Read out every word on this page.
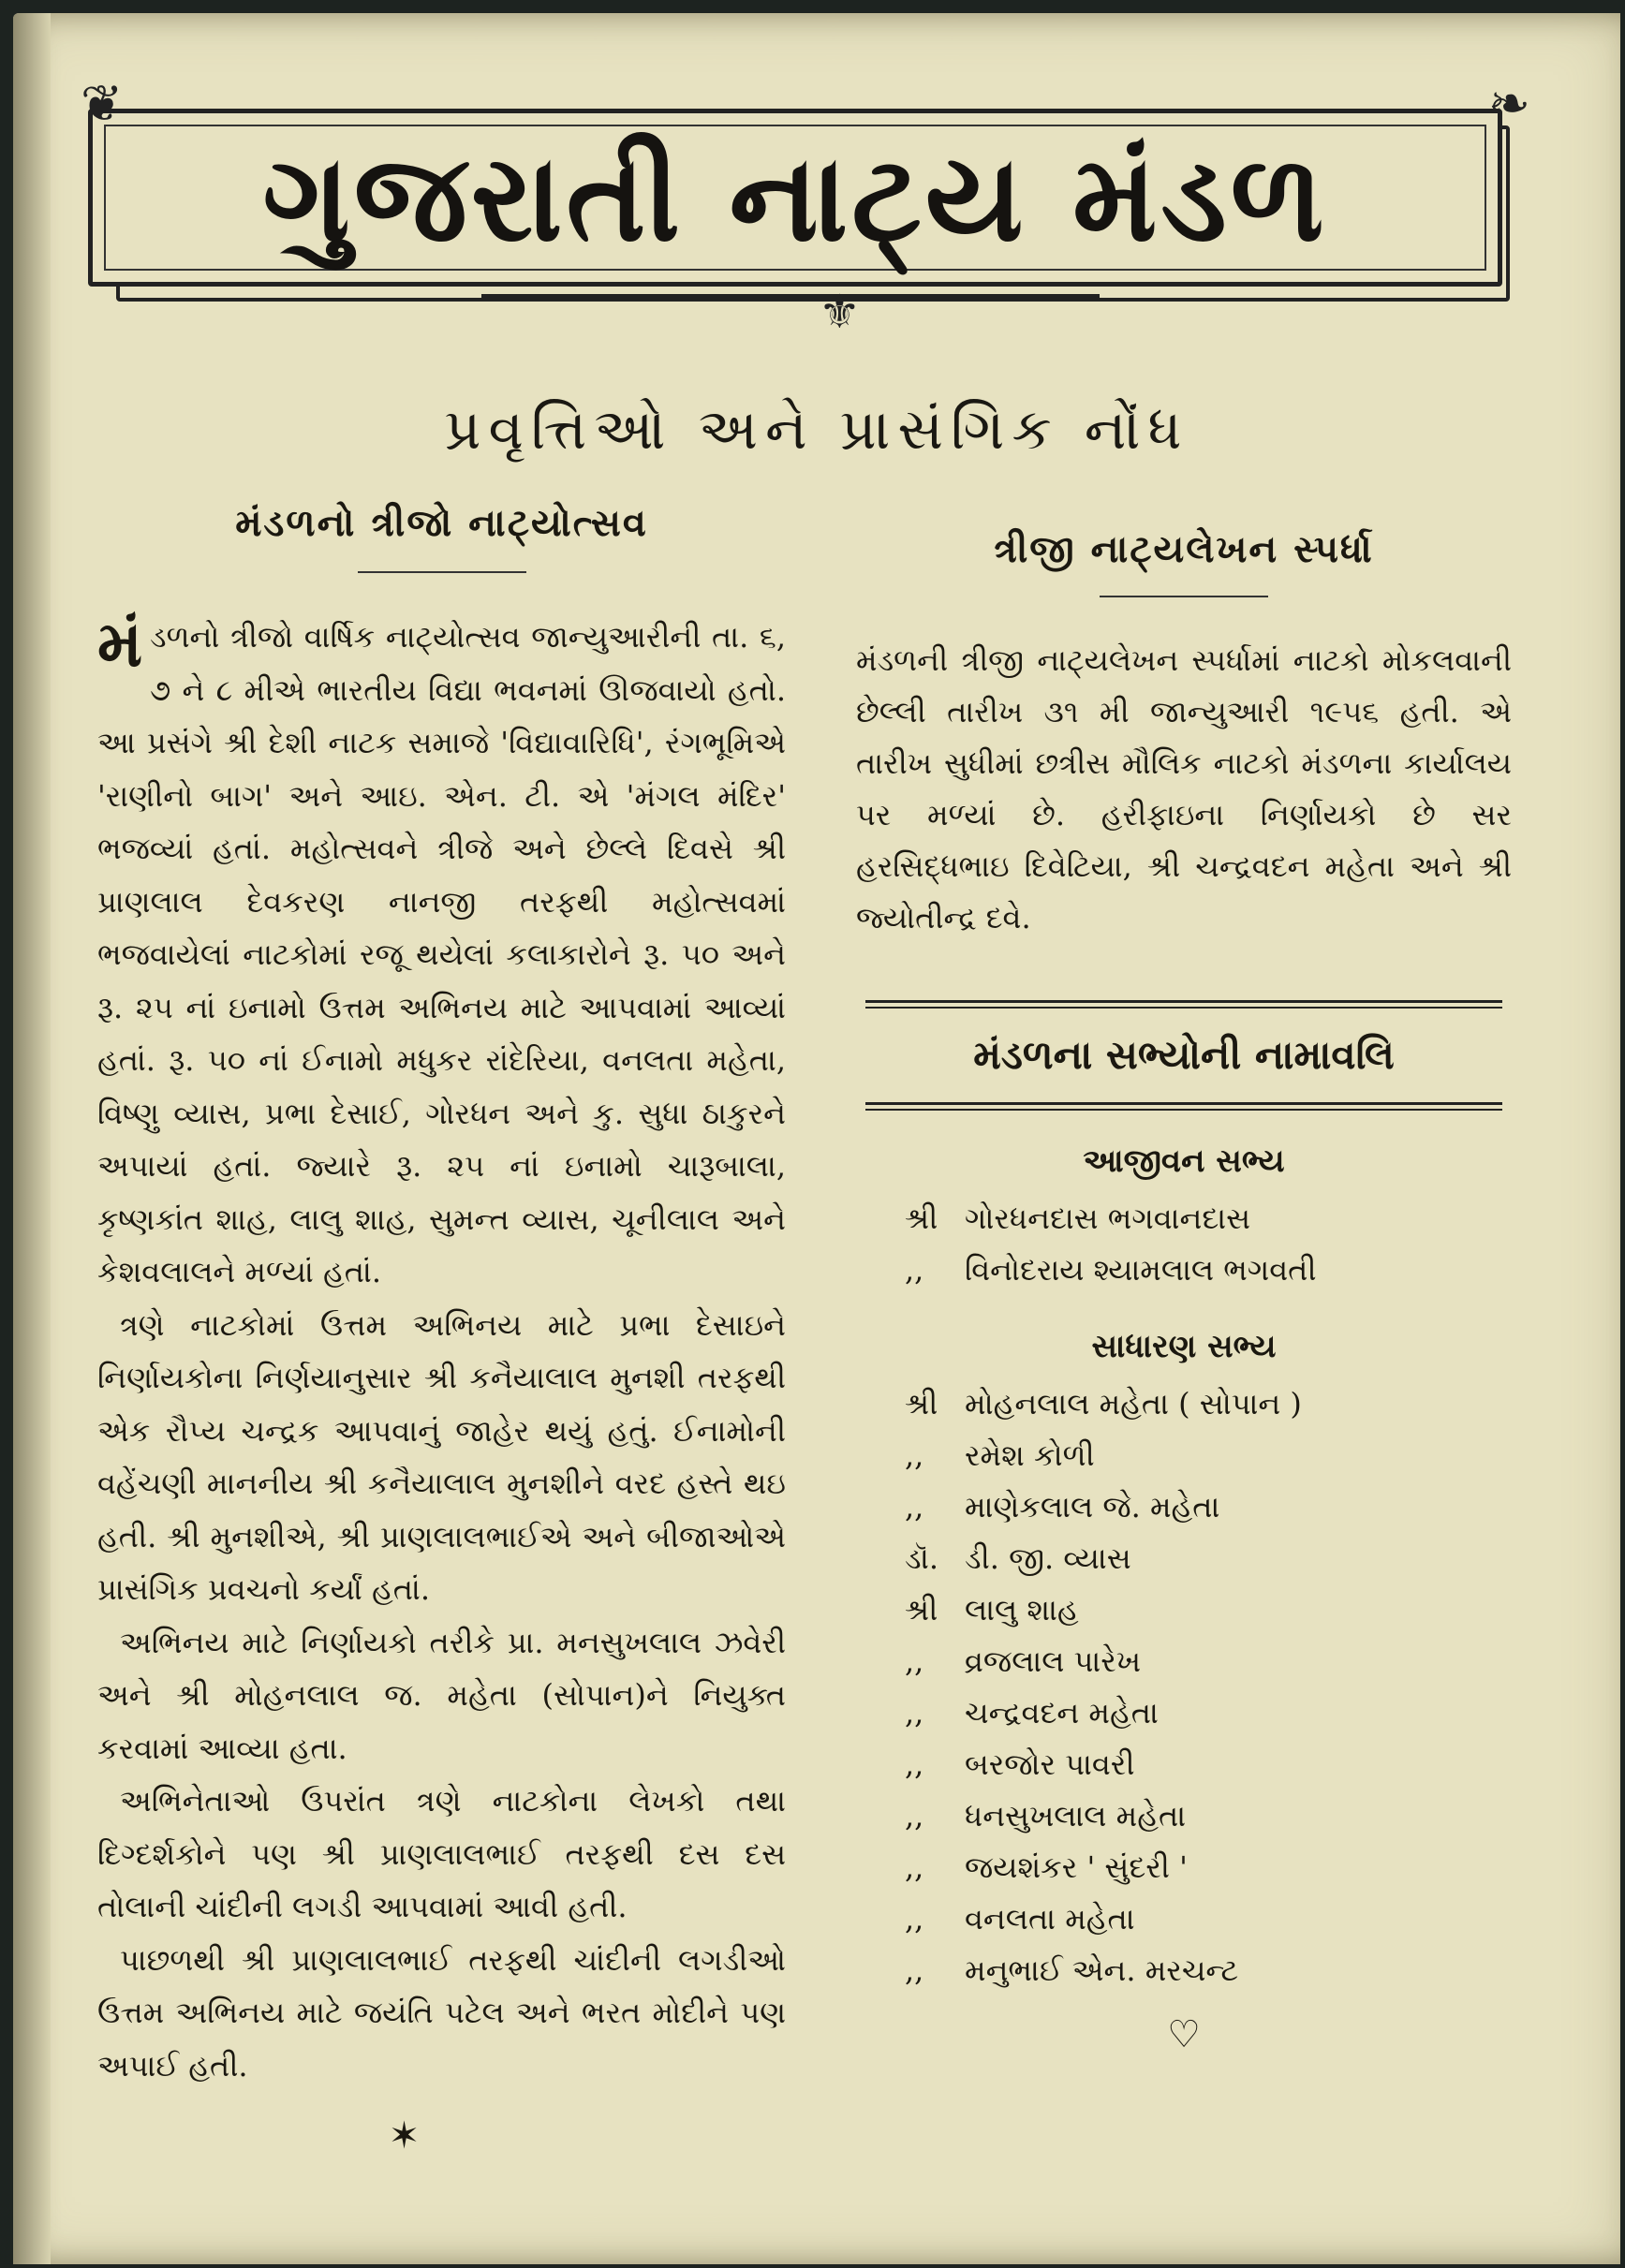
ગુજરાતી નાટ્ય મંડળ
❦	❧
⚜
પ્રવૃત્તિઓ અને પ્રાસંગિક નોંધ
મંડળનો ત્રીજો નાટ્યોત્સવ

મંડળનો ત્રીજો વાર્ષિક નાટ્યોત્સવ જાન્યુઆરીની તા. ૬, ૭ ને ૮ મીએ ભારતીય વિદ્યા ભવનમાં ઊજવાયો હતો. આ પ્રસંગે શ્રી દેશી નાટક સમાજે 'વિદ્યાવારિધિ', રંગભૂમિએ 'રાણીનો બાગ' અને આઇ. એન. ટી. એ 'મંગલ મંદિર' ભજવ્યાં હતાં. મહોત્સવને ત્રીજે અને છેલ્લે દિવસે શ્રી પ્રાણલાલ દેવકરણ નાનજી તરફથી મહોત્સવમાં ભજવાયેલાં નાટકોમાં રજૂ થયેલાં કલાકારોને રૂ. ૫૦ અને રૂ. ૨૫ નાં ઇનામો ઉત્તમ અભિનય માટે આપવામાં આવ્યાં હતાં. રૂ. ૫૦ નાં ઈનામો મધુકર રાંદેરિયા, વનલતા મહેતા, વિષ્ણુ વ્યાસ, પ્રભા દેસાઈ, ગોરધન અને કુ. સુધા ઠાકુરને અપાયાં હતાં. જ્યારે રૂ. ૨૫ નાં ઇનામો ચારૂબાલા, કૃષ્ણકાંત શાહ, લાલુ શાહ, સુમન્ત વ્યાસ, ચૂનીલાલ અને કેશવલાલને મળ્યાં હતાં.

ત્રણે નાટકોમાં ઉત્તમ અભિનય માટે પ્રભા દેસાઇને નિર્ણાયકોના નિર્ણયાનુસાર શ્રી કનૈયાલાલ મુનશી તરફથી એક રૌપ્ય ચન્દ્રક આપવાનું જાહેર થયું હતું. ઈનામોની વહેંચણી માનનીય શ્રી કનૈયાલાલ મુનશીને વરદ હસ્તે થઇ હતી. શ્રી મુનશીએ, શ્રી પ્રાણલાલભાઈએ અને બીજાઓએ પ્રાસંગિક પ્રવચનો કર્યાં હતાં.

અભિનય માટે નિર્ણાયકો તરીકે પ્રા. મનસુખલાલ ઝવેરી અને શ્રી મોહનલાલ જ. મહેતા (સોપાન)ને નિયુક્ત કરવામાં આવ્યા હતા.

અભિનેતાઓ ઉપરાંત ત્રણે નાટકોના લેખકો તથા દિગ્દર્શકોને પણ શ્રી પ્રાણલાલભાઈ તરફથી દસ દસ તોલાની ચાંદીની લગડી આપવામાં આવી હતી.

પાછળથી શ્રી પ્રાણલાલભાઈ તરફથી ચાંદીની લગડીઓ ઉત્તમ અભિનય માટે જયંતિ પટેલ અને ભરત મોદીને પણ અપાઈ હતી.

✶
ત્રીજી નાટ્યલેખન સ્પર્ધા

મંડળની ત્રીજી નાટ્યલેખન સ્પર્ધામાં નાટકો મોકલવાની છેલ્લી તારીખ ૩૧ મી જાન્યુઆરી ૧૯૫૬ હતી. એ તારીખ સુધીમાં છત્રીસ મૌલિક નાટકો મંડળના કાર્યાલય પર મળ્યાં છે. હરીફાઇના નિર્ણાયકો છે સર હરસિદ્ધભાઇ દિવેટિયા, શ્રી ચન્દ્રવદન મહેતા અને શ્રી જ્યોતીન્દ્ર દવે.

મંડળના સભ્યોની નામાવલિ
આજીવન સભ્ય
શ્રી ગોરધનદાસ ભગવાનદાસ
,,	વિનોદરાય શ્યામલાલ ભગવતી
સાધારણ સભ્ય
શ્રી મોહનલાલ મહેતા ( સોપાન )
,,	રમેશ કોળી
,,	માણેકલાલ જે. મહેતા
ડૉ. ડી. જી. વ્યાસ
શ્રી લાલુ શાહ
,,	વ્રજલાલ પારેખ
,,	ચન્દ્રવદન મહેતા
,,	બરજોર પાવરી
,,	ધનસુખલાલ મહેતા
,,	જયશંકર ' સુંદરી '
,,	વનલતા મહેતા
,,	મનુભાઈ એન. મરચન્ટ
♡
